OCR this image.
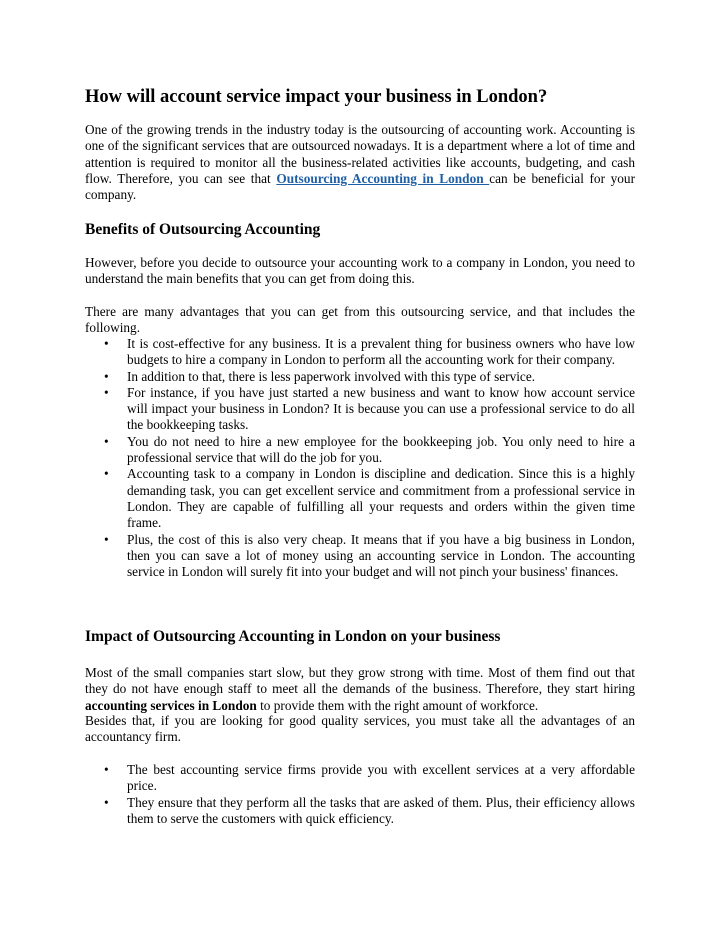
How will account service impact your business in London?

One of the growing trends in the industry today is the outsourcing of accounting work. Accounting is one of the significant services that are outsourced nowadays. It is a department where a lot of time and attention is required to monitor all the business-related activities like accounts, budgeting, and cash flow. Therefore, you can see that Outsourcing Accounting in London can be beneficial for your company.

Benefits of Outsourcing Accounting

However, before you decide to outsource your accounting work to a company in London, you need to understand the main benefits that you can get from doing this.

There are many advantages that you can get from this outsourcing service, and that includes the following.

• It is cost-effective for any business. It is a prevalent thing for business owners who have low budgets to hire a company in London to perform all the accounting work for their company.
• In addition to that, there is less paperwork involved with this type of service.
• For instance, if you have just started a new business and want to know how account service will impact your business in London? It is because you can use a professional service to do all the bookkeeping tasks.
• You do not need to hire a new employee for the bookkeeping job. You only need to hire a professional service that will do the job for you.
• Accounting task to a company in London is discipline and dedication. Since this is a highly demanding task, you can get excellent service and commitment from a professional service in London. They are capable of fulfilling all your requests and orders within the given time frame.
• Plus, the cost of this is also very cheap. It means that if you have a big business in London, then you can save a lot of money using an accounting service in London. The accounting service in London will surely fit into your budget and will not pinch your business' finances.
Impact of Outsourcing Accounting in London on your business

Most of the small companies start slow, but they grow strong with time. Most of them find out that they do not have enough staff to meet all the demands of the business. Therefore, they start hiring accounting services in London to provide them with the right amount of workforce.

Besides that, if you are looking for good quality services, you must take all the advantages of an accountancy firm.

• The best accounting service firms provide you with excellent services at a very affordable price.
• They ensure that they perform all the tasks that are asked of them. Plus, their efficiency allows them to serve the customers with quick efficiency.
